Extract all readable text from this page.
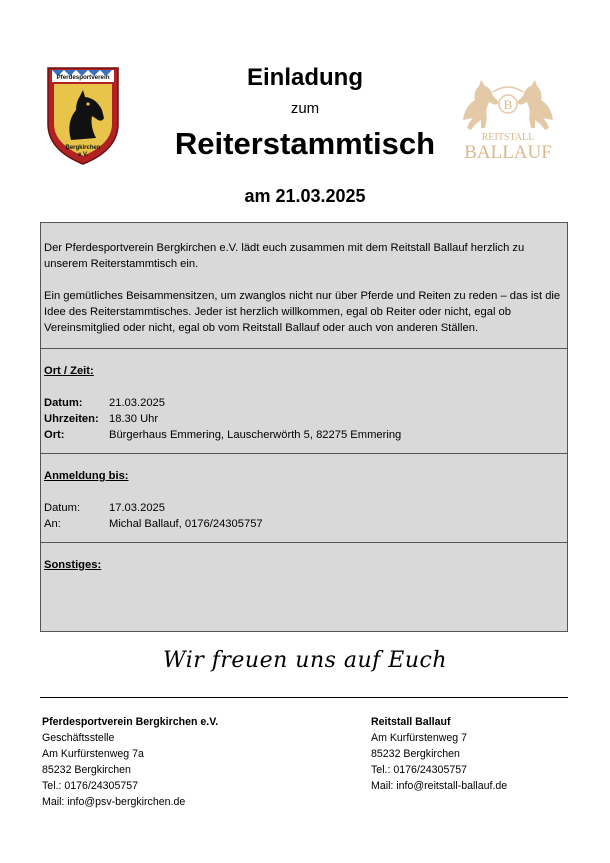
Pferdesportverein
Bergkirchen
e.V.
B
REITSTALL
BALLAUF
Einladung
zum
Reiterstammtisch
am 21.03.2025

Der Pferdesportverein Bergkirchen e.V. lädt euch zusammen mit dem Reitstall Ballauf herzlich zu unserem Reiterstammtisch ein.

Ein gemütliches Beisammensitzen, um zwanglos nicht nur über Pferde und Reiten zu reden – das ist die Idee des Reiterstammtisches. Jeder ist herzlich willkommen, egal ob Reiter oder nicht, egal ob Vereinsmitglied oder nicht, egal ob vom Reitstall Ballauf oder auch von anderen Ställen.

Ort / Zeit:

Datum:	21.03.2025
Uhrzeiten: 18.30 Uhr
Ort:	Bürgerhaus Emmering, Lauscherwörth 5, 82275 Emmering

Anmeldung bis:

Datum:	17.03.2025
An:	Michal Ballauf, 0176/24305757

Sonstiges:

Wir freuen uns auf Euch
Pferdesportverein Bergkirchen e.V.
Geschäftsstelle
Am Kurfürstenweg 7a
85232 Bergkirchen
Tel.: 0176/24305757
Mail: info@psv-bergkirchen.de
Reitstall Ballauf
Am Kurfürstenweg 7
85232 Bergkirchen
Tel.: 0176/24305757
Mail: info@reitstall-ballauf.de
